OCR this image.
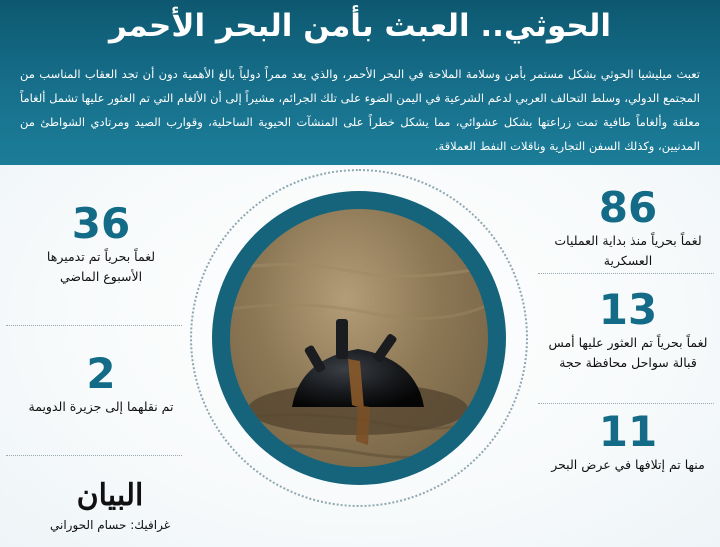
الحوثي.. العبث بأمن البحر الأحمر
تعبث ميليشيا الحوثي بشكل مستمر بأمن وسلامة الملاحة في البحر الأحمر، والذي يعد ممراً دولياً بالغ الأهمية دون أن تجد العقاب المناسب من المجتمع الدولي، وسلط التحالف العربي لدعم الشرعية في اليمن الضوء على تلك الجرائم، مشيراً إلى أن الألغام التي تم العثور عليها تشمل ألغاماً معلقة وألغاماً طافية تمت زراعتها بشكل عشوائي، مما يشكل خطراً على المنشآت الحيوية الساحلية، وقوارب الصيد ومرتادي الشواطئ من المدنيين، وكذلك السفن التجارية وناقلات النفط العملاقة.
86
لغماً بحرياً منذ بداية العمليات العسكرية
13
لغماً بحرياً تم العثور عليها أمس قبالة سواحل محافظة حجة
11
منها تم إتلافها في عرض البحر
36
لغماً بحرياً تم تدميرها الأسبوع الماضي
2
تم نقلهما إلى جزيرة الدويمة
البيان
غرافيك: حسام الحوراني
